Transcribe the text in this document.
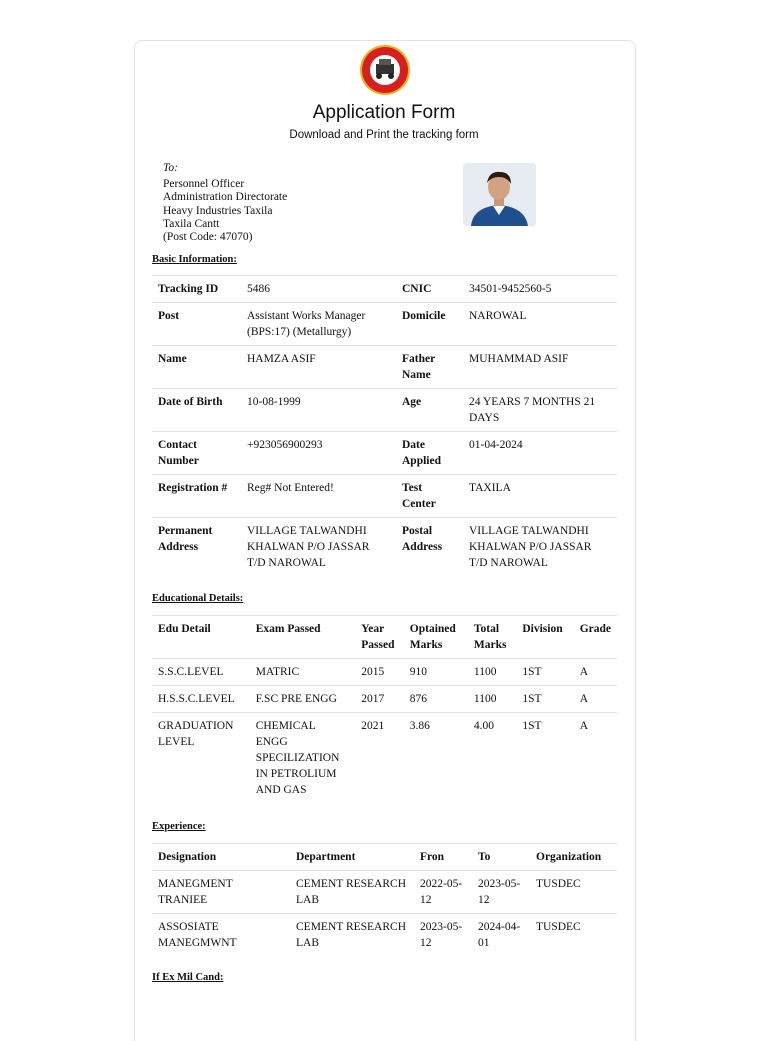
Application Form
Download and Print the tracking form
To:
Personnel Officer
Administration Directorate
Heavy Industries Taxila
Taxila Cantt
(Post Code: 47070)
Basic Information:
Tracking ID	5486	CNIC	34501-9452560-5
Post	Assistant Works Manager (BPS:17) (Metallurgy)	Domicile	NAROWAL
Name	HAMZA ASIF	Father Name	MUHAMMAD ASIF
Date of Birth	10-08-1999	Age	24 YEARS 7 MONTHS 21 DAYS
Contact Number	+923056900293	Date Applied	01-04-2024
Registration #	Reg# Not Entered!	Test Center	TAXILA
Permanent Address	VILLAGE TALWANDHI KHALWAN P/O JASSAR T/D NAROWAL	Postal Address	VILLAGE TALWANDHI KHALWAN P/O JASSAR T/D NAROWAL
Educational Details:
Edu Detail	Exam Passed	Year Passed	Optained Marks	Total Marks	Division	Grade
S.S.C.LEVEL	MATRIC	2015	910	1100	1ST	A
H.S.S.C.LEVEL	F.SC PRE ENGG	2017	876	1100	1ST	A
GRADUATION LEVEL	CHEMICAL ENGG SPECILIZATION IN PETROLIUM AND GAS	2021	3.86	4.00	1ST	A
Experience:
Designation	Department	Fron	To	Organization
MANEGMENT TRANIEE	CEMENT RESEARCH LAB	2022-05-12	2023-05-12	TUSDEC
ASSOSIATE MANEGMWNT	CEMENT RESEARCH LAB	2023-05-12	2024-04-01	TUSDEC
If Ex Mil Cand:
